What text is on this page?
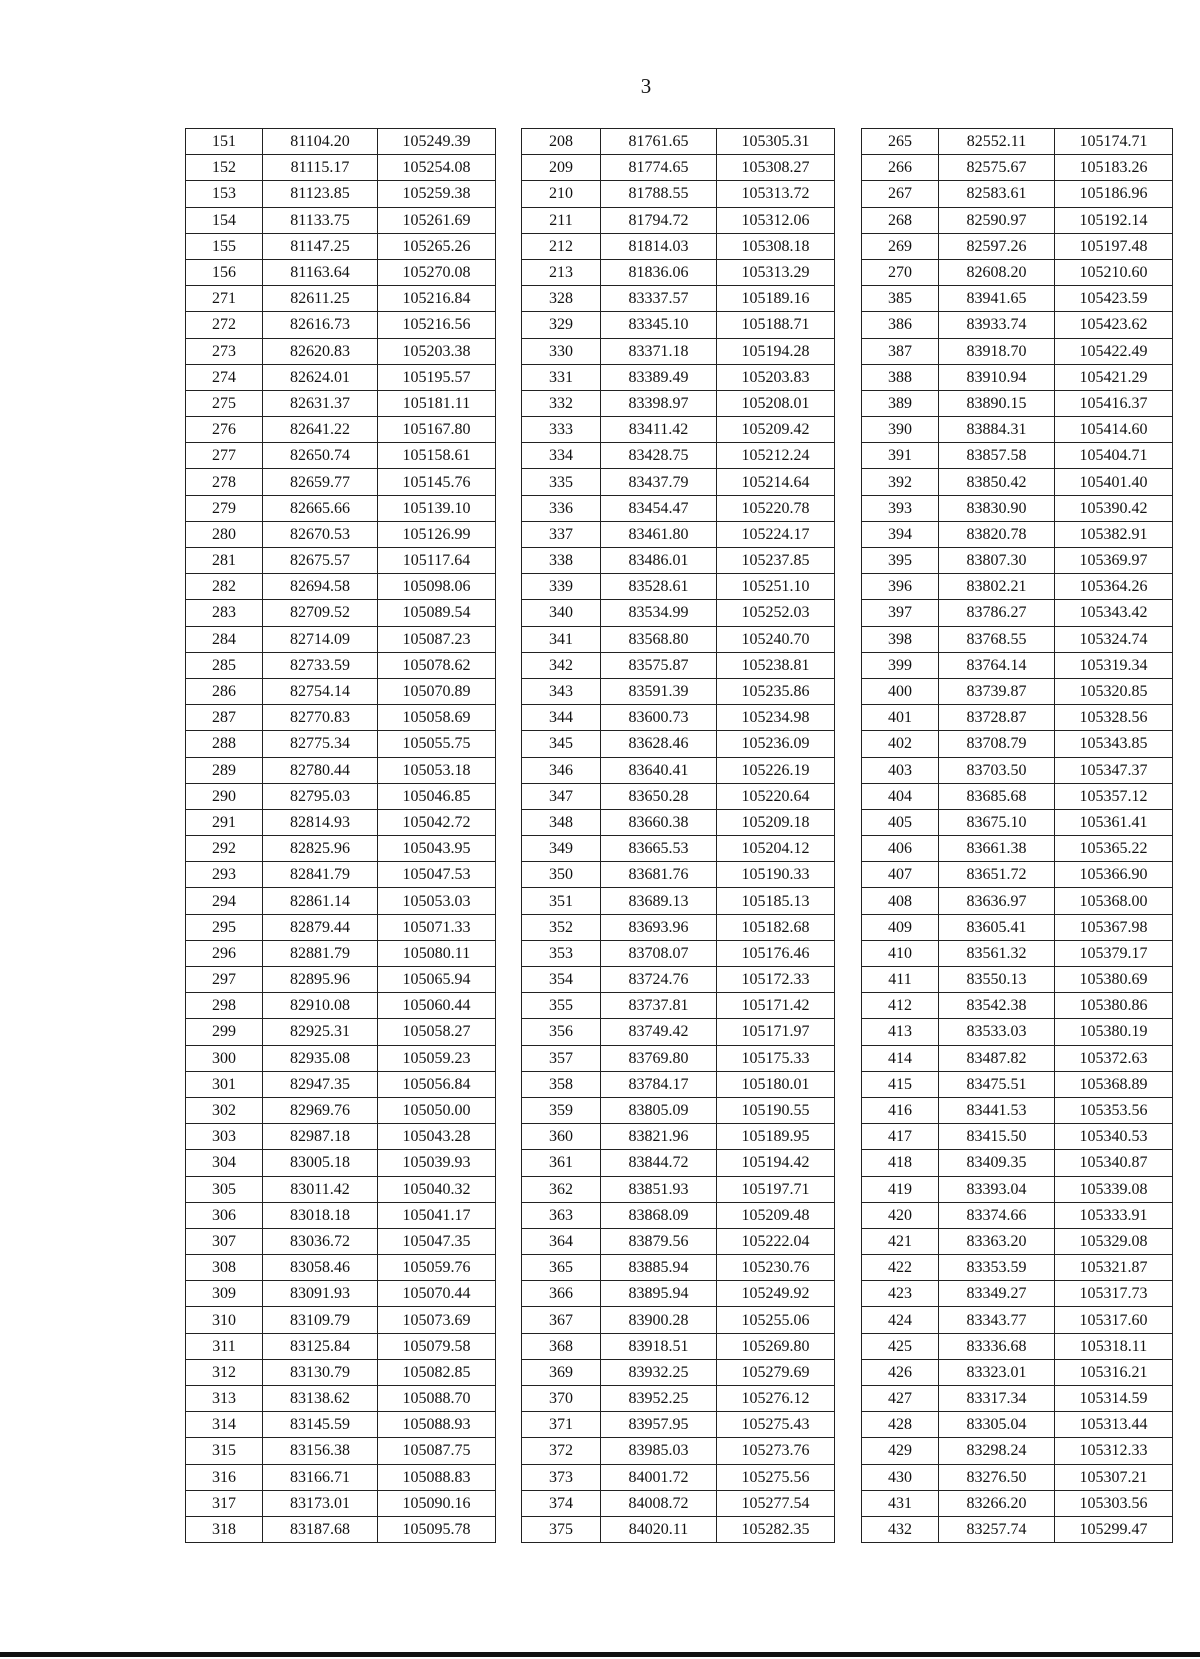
3
151	81104.20	105249.39
152	81115.17	105254.08
153	81123.85	105259.38
154	81133.75	105261.69
155	81147.25	105265.26
156	81163.64	105270.08
271	82611.25	105216.84
272	82616.73	105216.56
273	82620.83	105203.38
274	82624.01	105195.57
275	82631.37	105181.11
276	82641.22	105167.80
277	82650.74	105158.61
278	82659.77	105145.76
279	82665.66	105139.10
280	82670.53	105126.99
281	82675.57	105117.64
282	82694.58	105098.06
283	82709.52	105089.54
284	82714.09	105087.23
285	82733.59	105078.62
286	82754.14	105070.89
287	82770.83	105058.69
288	82775.34	105055.75
289	82780.44	105053.18
290	82795.03	105046.85
291	82814.93	105042.72
292	82825.96	105043.95
293	82841.79	105047.53
294	82861.14	105053.03
295	82879.44	105071.33
296	82881.79	105080.11
297	82895.96	105065.94
298	82910.08	105060.44
299	82925.31	105058.27
300	82935.08	105059.23
301	82947.35	105056.84
302	82969.76	105050.00
303	82987.18	105043.28
304	83005.18	105039.93
305	83011.42	105040.32
306	83018.18	105041.17
307	83036.72	105047.35
308	83058.46	105059.76
309	83091.93	105070.44
310	83109.79	105073.69
311	83125.84	105079.58
312	83130.79	105082.85
313	83138.62	105088.70
314	83145.59	105088.93
315	83156.38	105087.75
316	83166.71	105088.83
317	83173.01	105090.16
318	83187.68	105095.78
208	81761.65	105305.31
209	81774.65	105308.27
210	81788.55	105313.72
211	81794.72	105312.06
212	81814.03	105308.18
213	81836.06	105313.29
328	83337.57	105189.16
329	83345.10	105188.71
330	83371.18	105194.28
331	83389.49	105203.83
332	83398.97	105208.01
333	83411.42	105209.42
334	83428.75	105212.24
335	83437.79	105214.64
336	83454.47	105220.78
337	83461.80	105224.17
338	83486.01	105237.85
339	83528.61	105251.10
340	83534.99	105252.03
341	83568.80	105240.70
342	83575.87	105238.81
343	83591.39	105235.86
344	83600.73	105234.98
345	83628.46	105236.09
346	83640.41	105226.19
347	83650.28	105220.64
348	83660.38	105209.18
349	83665.53	105204.12
350	83681.76	105190.33
351	83689.13	105185.13
352	83693.96	105182.68
353	83708.07	105176.46
354	83724.76	105172.33
355	83737.81	105171.42
356	83749.42	105171.97
357	83769.80	105175.33
358	83784.17	105180.01
359	83805.09	105190.55
360	83821.96	105189.95
361	83844.72	105194.42
362	83851.93	105197.71
363	83868.09	105209.48
364	83879.56	105222.04
365	83885.94	105230.76
366	83895.94	105249.92
367	83900.28	105255.06
368	83918.51	105269.80
369	83932.25	105279.69
370	83952.25	105276.12
371	83957.95	105275.43
372	83985.03	105273.76
373	84001.72	105275.56
374	84008.72	105277.54
375	84020.11	105282.35
265	82552.11	105174.71
266	82575.67	105183.26
267	82583.61	105186.96
268	82590.97	105192.14
269	82597.26	105197.48
270	82608.20	105210.60
385	83941.65	105423.59
386	83933.74	105423.62
387	83918.70	105422.49
388	83910.94	105421.29
389	83890.15	105416.37
390	83884.31	105414.60
391	83857.58	105404.71
392	83850.42	105401.40
393	83830.90	105390.42
394	83820.78	105382.91
395	83807.30	105369.97
396	83802.21	105364.26
397	83786.27	105343.42
398	83768.55	105324.74
399	83764.14	105319.34
400	83739.87	105320.85
401	83728.87	105328.56
402	83708.79	105343.85
403	83703.50	105347.37
404	83685.68	105357.12
405	83675.10	105361.41
406	83661.38	105365.22
407	83651.72	105366.90
408	83636.97	105368.00
409	83605.41	105367.98
410	83561.32	105379.17
411	83550.13	105380.69
412	83542.38	105380.86
413	83533.03	105380.19
414	83487.82	105372.63
415	83475.51	105368.89
416	83441.53	105353.56
417	83415.50	105340.53
418	83409.35	105340.87
419	83393.04	105339.08
420	83374.66	105333.91
421	83363.20	105329.08
422	83353.59	105321.87
423	83349.27	105317.73
424	83343.77	105317.60
425	83336.68	105318.11
426	83323.01	105316.21
427	83317.34	105314.59
428	83305.04	105313.44
429	83298.24	105312.33
430	83276.50	105307.21
431	83266.20	105303.56
432	83257.74	105299.47
